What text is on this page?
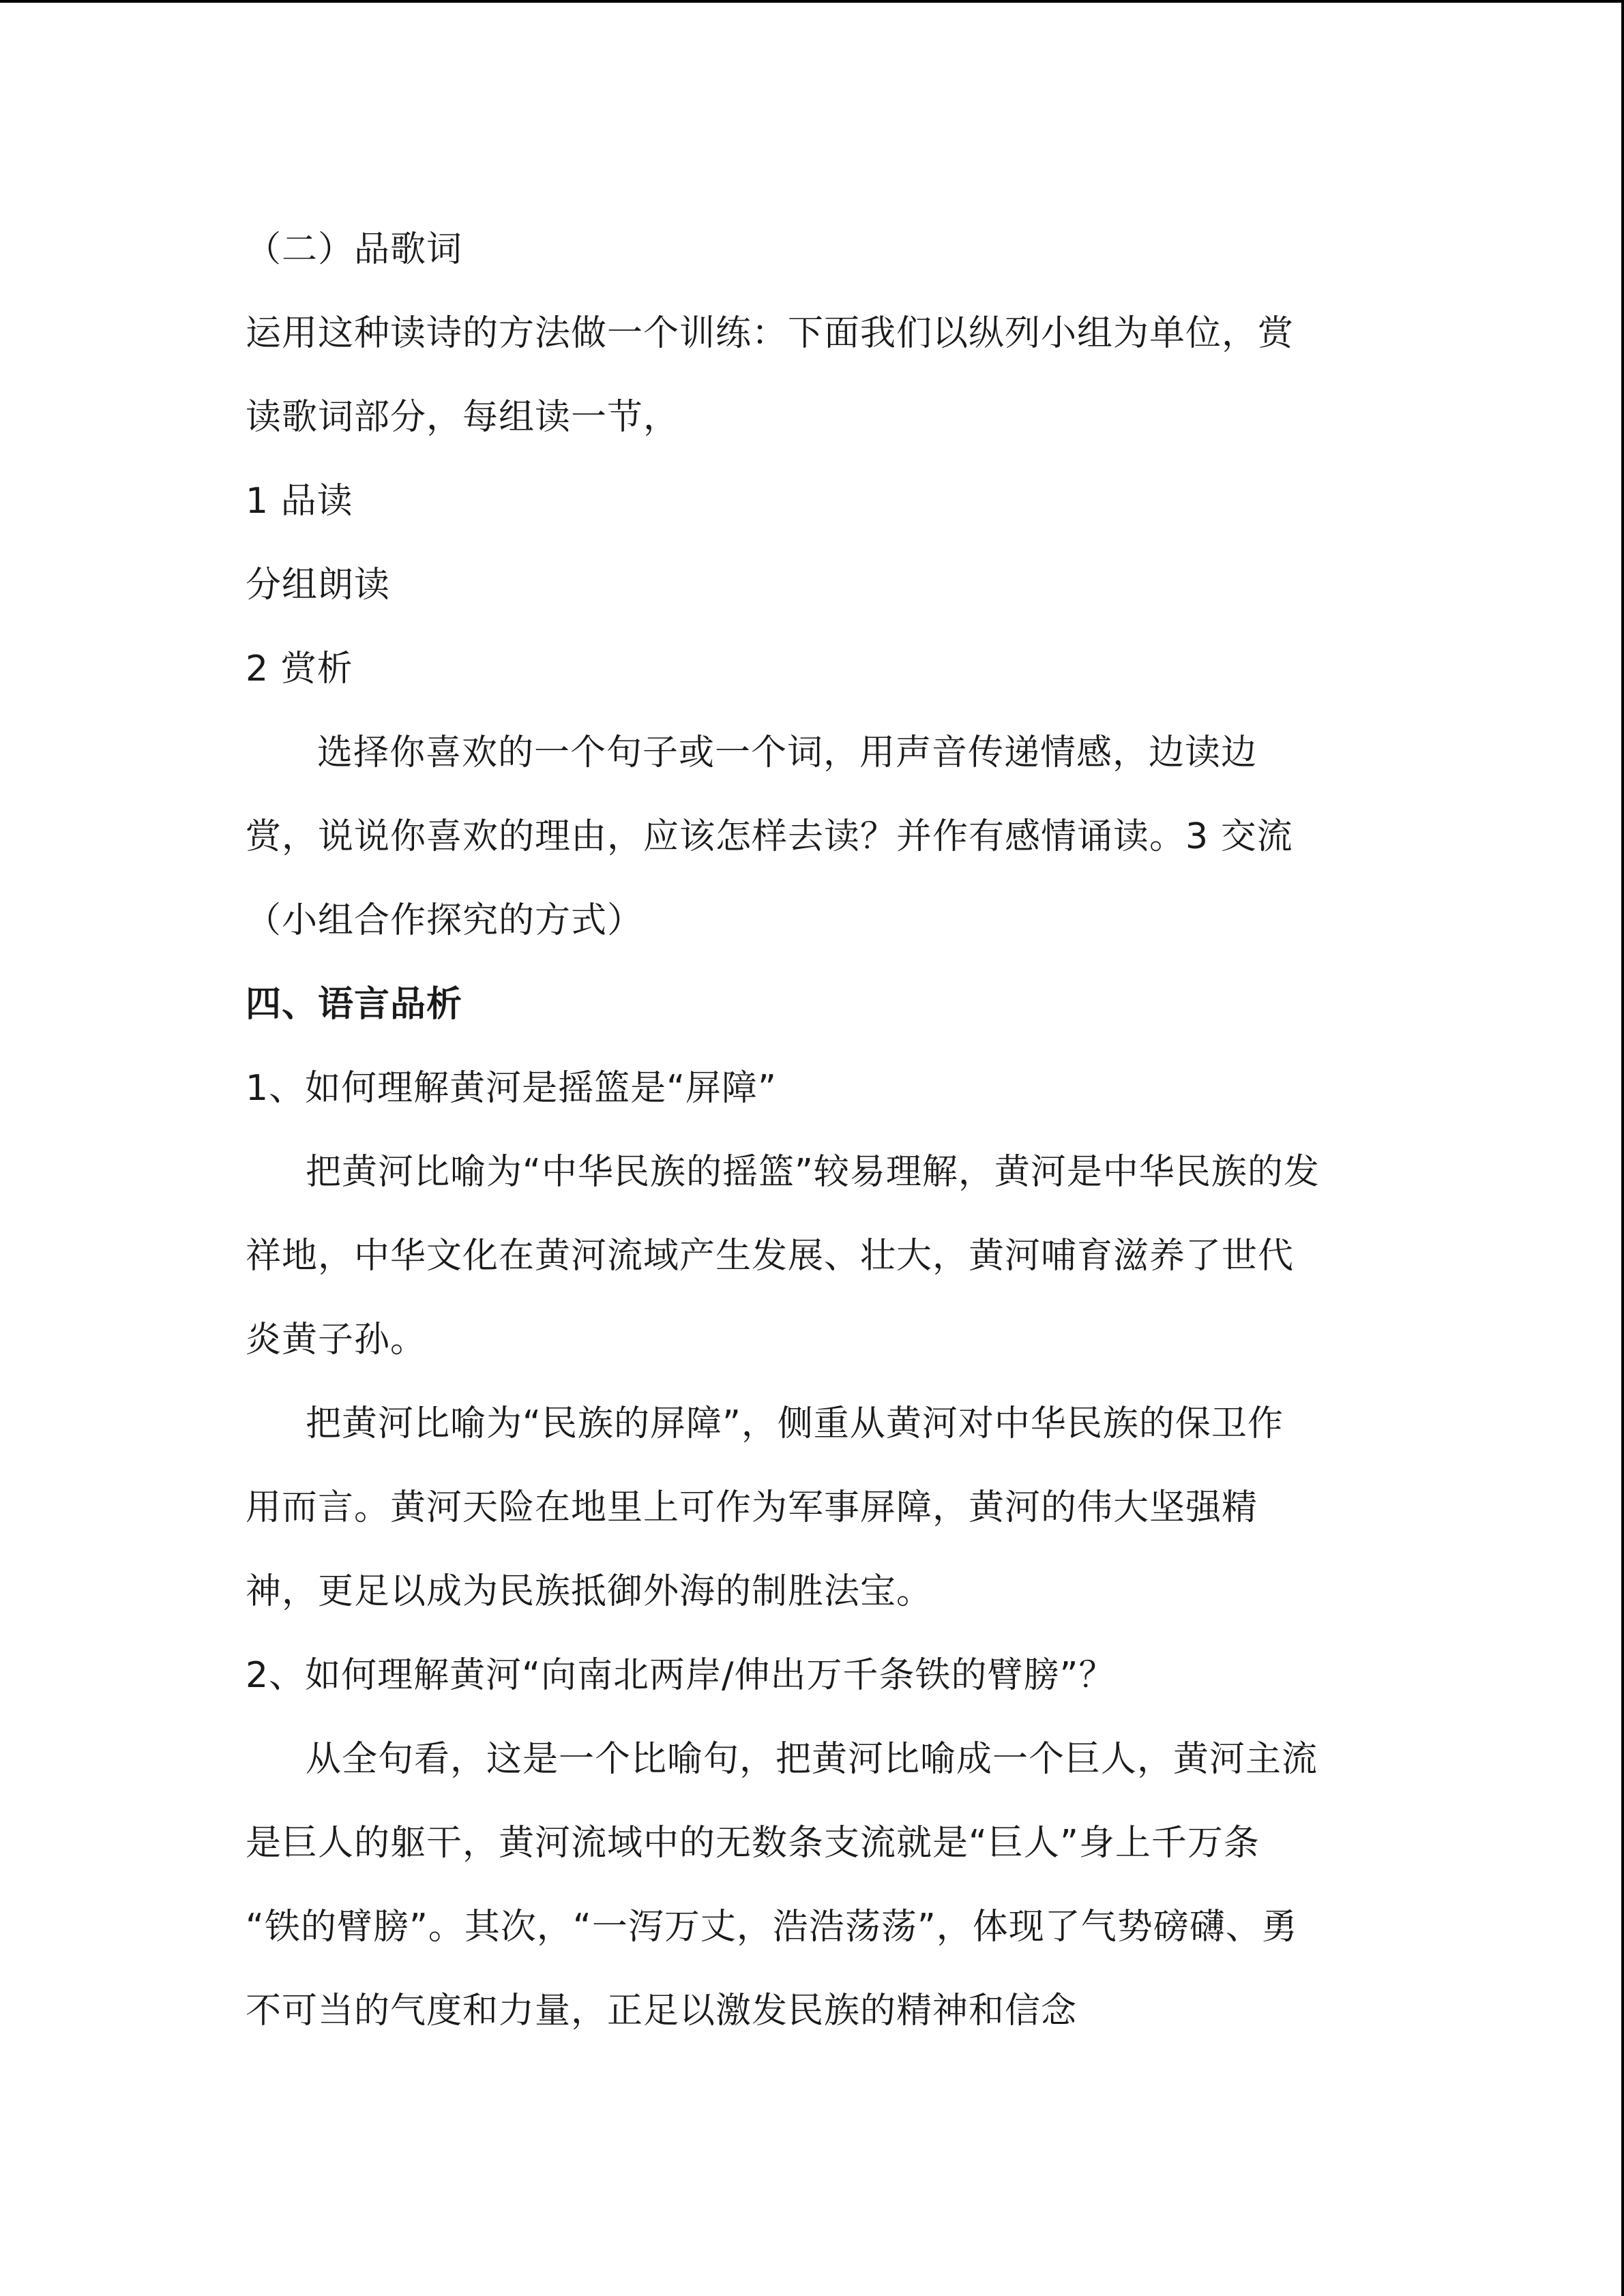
（二）品歌词
运用这种读诗的方法做一个训练：下面我们以纵列小组为单位，赏
读歌词部分，每组读一节，
1 品读
分组朗读
2 赏析
选择你喜欢的一个句子或一个词，用声音传递情感，边读边
赏，说说你喜欢的理由，应该怎样去读？并作有感情诵读。3 交流
（小组合作探究的方式）
四、语言品析
1、如何理解黄河是摇篮是“屏障”
把黄河比喻为“中华民族的摇篮”较易理解，黄河是中华民族的发
祥地，中华文化在黄河流域产生发展、壮大，黄河哺育滋养了世代
炎黄子孙。
把黄河比喻为“民族的屏障”，侧重从黄河对中华民族的保卫作
用而言。黄河天险在地里上可作为军事屏障，黄河的伟大坚强精
神，更足以成为民族抵御外海的制胜法宝。
2、如何理解黄河“向南北两岸/伸出万千条铁的臂膀”？
从全句看，这是一个比喻句，把黄河比喻成一个巨人，黄河主流
是巨人的躯干，黄河流域中的无数条支流就是“巨人”身上千万条
“铁的臂膀”。其次，“一泻万丈，浩浩荡荡”，体现了气势磅礴、勇
不可当的气度和力量，正足以激发民族的精神和信念
